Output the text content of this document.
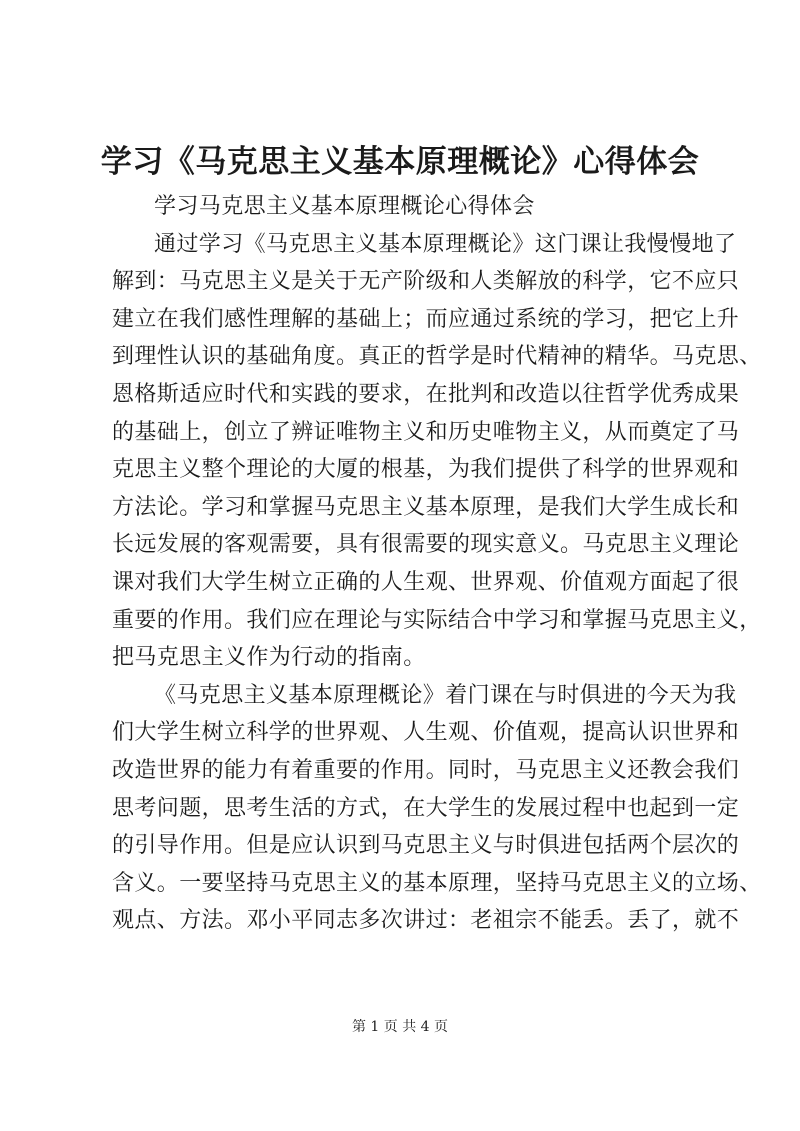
学习《马克思主义基本原理概论》心得体会
学习马克思主义基本原理概论心得体会
通过学习《马克思主义基本原理概论》这门课让我慢慢地了
解到：马克思主义是关于无产阶级和人类解放的科学，它不应只
建立在我们感性理解的基础上；而应通过系统的学习，把它上升
到理性认识的基础角度。真正的哲学是时代精神的精华。马克思、
恩格斯适应时代和实践的要求，在批判和改造以往哲学优秀成果
的基础上，创立了辨证唯物主义和历史唯物主义，从而奠定了马
克思主义整个理论的大厦的根基，为我们提供了科学的世界观和
方法论。学习和掌握马克思主义基本原理，是我们大学生成长和
长远发展的客观需要，具有很需要的现实意义。马克思主义理论
课对我们大学生树立正确的人生观、世界观、价值观方面起了很
重要的作用。我们应在理论与实际结合中学习和掌握马克思主义，
把马克思主义作为行动的指南。
《马克思主义基本原理概论》着门课在与时俱进的今天为我
们大学生树立科学的世界观、人生观、价值观，提高认识世界和
改造世界的能力有着重要的作用。同时，马克思主义还教会我们
思考问题，思考生活的方式，在大学生的发展过程中也起到一定
的引导作用。但是应认识到马克思主义与时俱进包括两个层次的
含义。一要坚持马克思主义的基本原理，坚持马克思主义的立场、
观点、方法。邓小平同志多次讲过：老祖宗不能丢。丢了，就不
第 1 页 共 4 页
